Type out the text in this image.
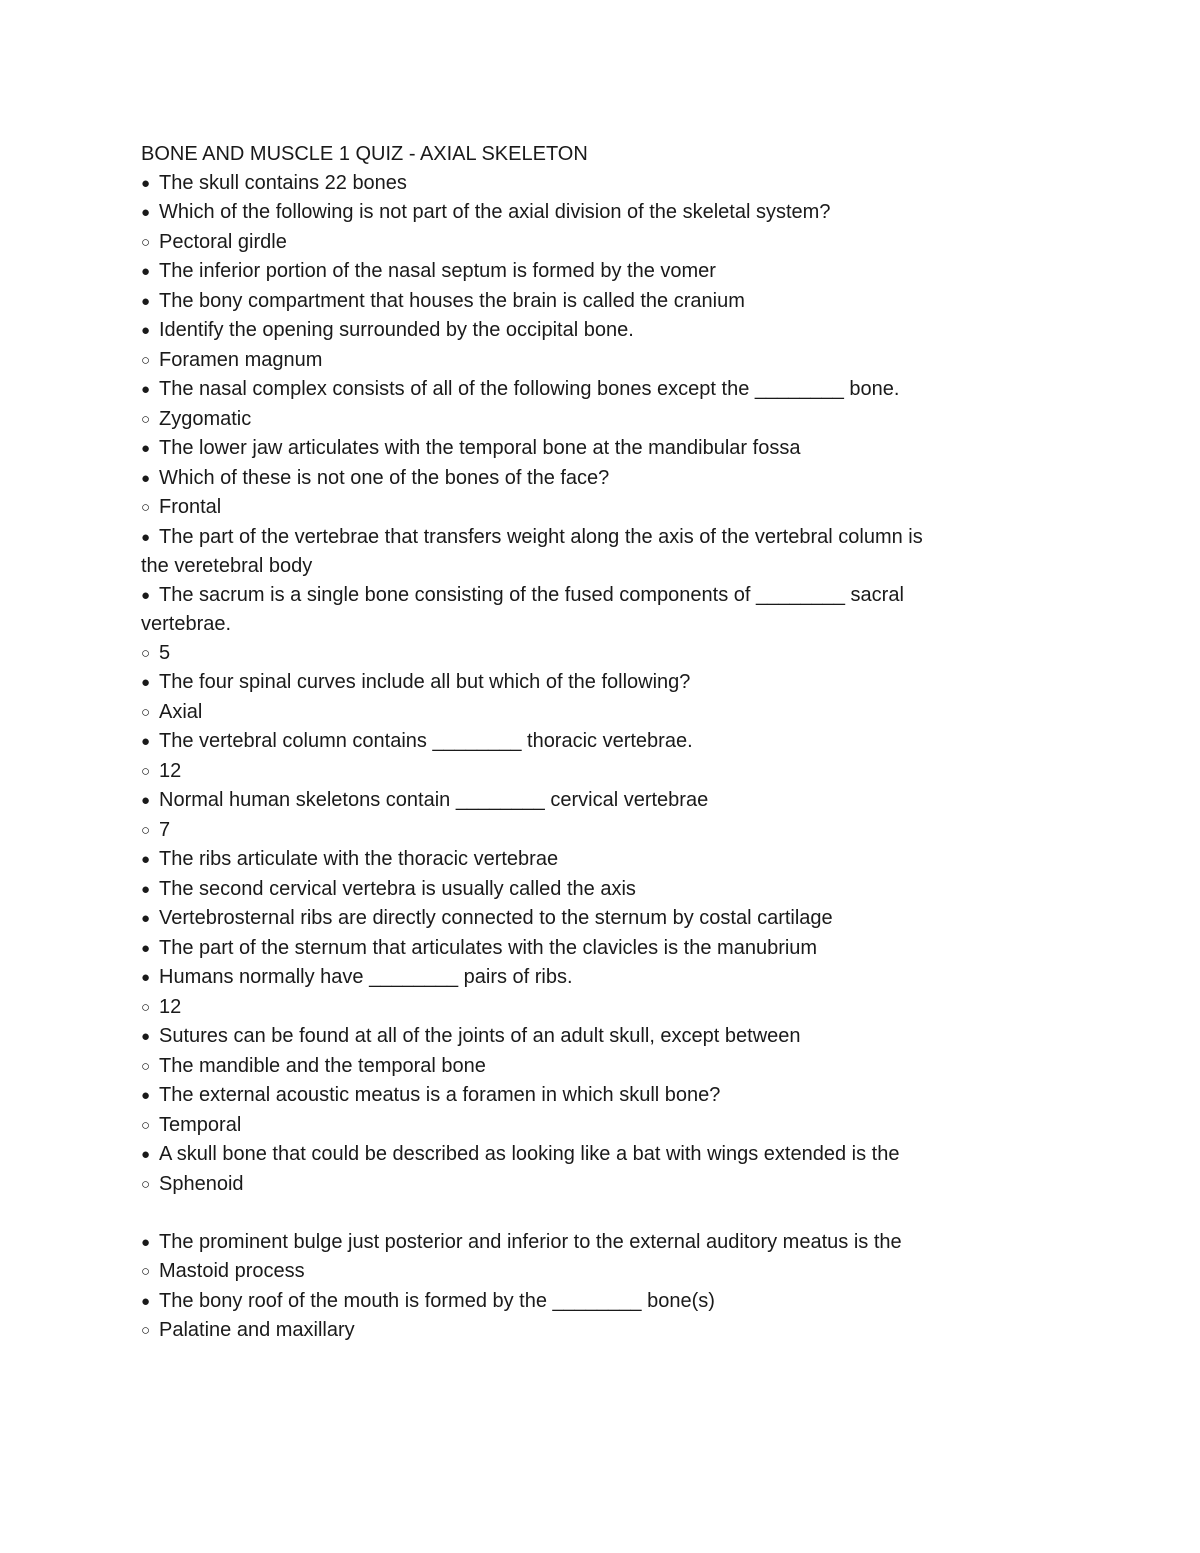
BONE AND MUSCLE 1 QUIZ - AXIAL SKELETON
● The skull contains 22 bones
● Which of the following is not part of the axial division of the skeletal system?
○ Pectoral girdle
● The inferior portion of the nasal septum is formed by the vomer
● The bony compartment that houses the brain is called the cranium
● Identify the opening surrounded by the occipital bone.
○ Foramen magnum
● The nasal complex consists of all of the following bones except the ________ bone.
○ Zygomatic
● The lower jaw articulates with the temporal bone at the mandibular fossa
● Which of these is not one of the bones of the face?
○ Frontal
● The part of the vertebrae that transfers weight along the axis of the vertebral column is the veretebral body
● The sacrum is a single bone consisting of the fused components of ________ sacral vertebrae.
○ 5
● The four spinal curves include all but which of the following?
○ Axial
● The vertebral column contains ________ thoracic vertebrae.
○ 12
● Normal human skeletons contain ________ cervical vertebrae
○ 7
● The ribs articulate with the thoracic vertebrae
● The second cervical vertebra is usually called the axis
● Vertebrosternal ribs are directly connected to the sternum by costal cartilage
● The part of the sternum that articulates with the clavicles is the manubrium
● Humans normally have ________ pairs of ribs.
○ 12
● Sutures can be found at all of the joints of an adult skull, except between
○ The mandible and the temporal bone
● The external acoustic meatus is a foramen in which skull bone?
○ Temporal
● A skull bone that could be described as looking like a bat with wings extended is the
○ Sphenoid
● The prominent bulge just posterior and inferior to the external auditory meatus is the
○ Mastoid process
● The bony roof of the mouth is formed by the ________ bone(s)
○ Palatine and maxillary
